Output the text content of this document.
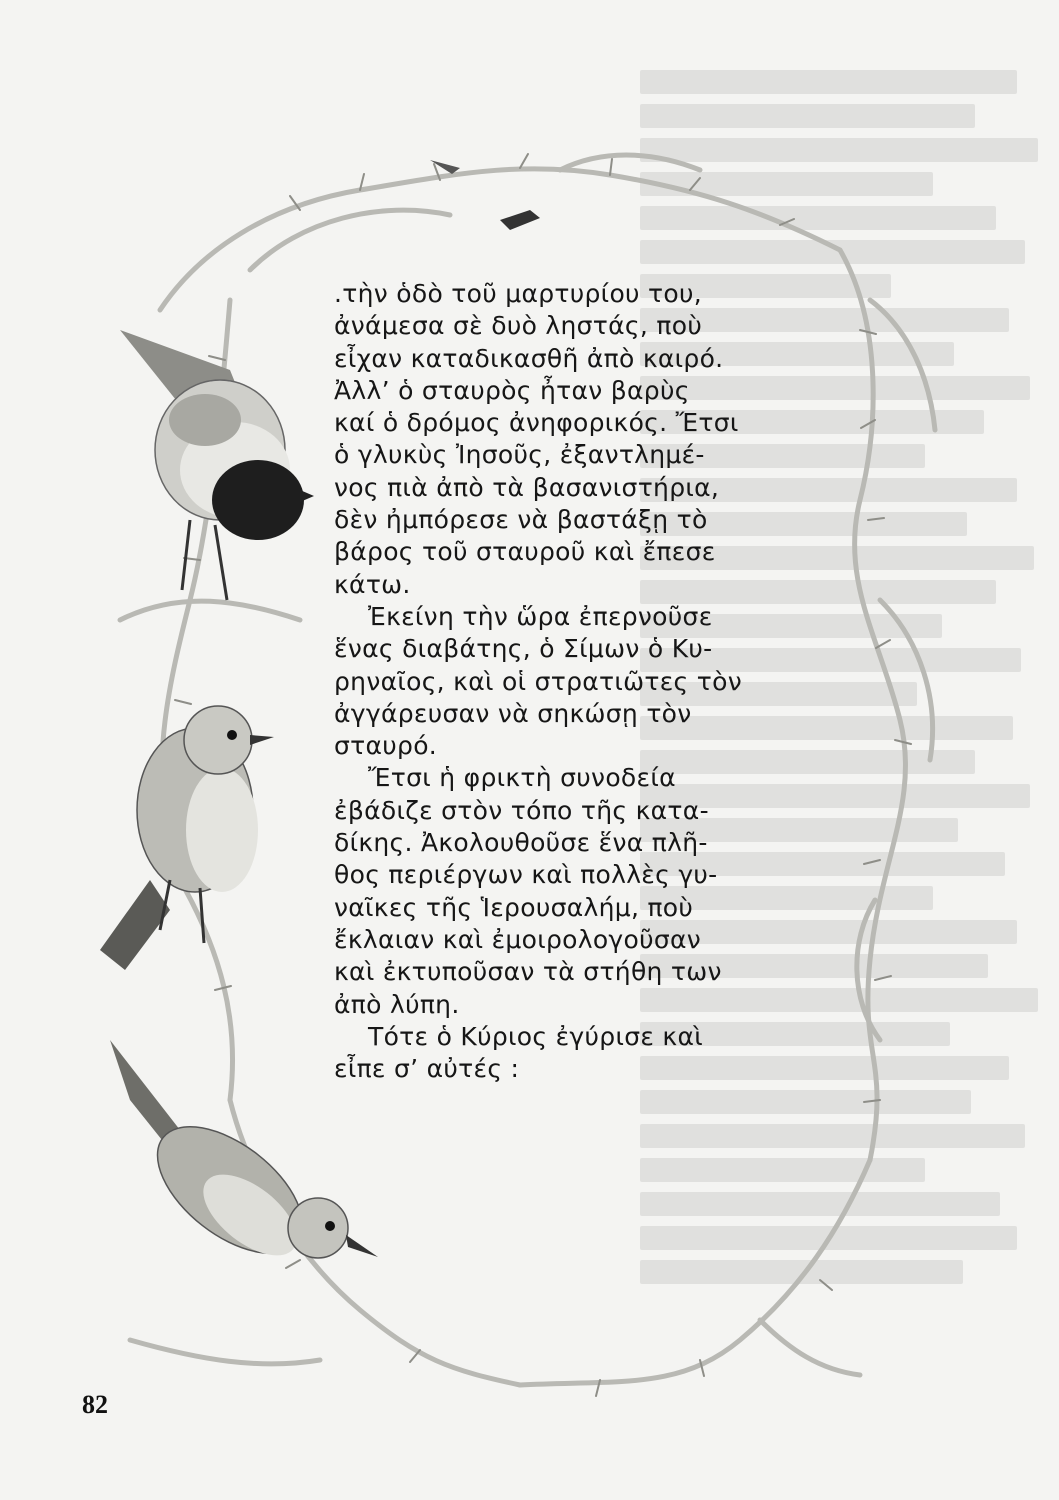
.τὴν ὁδὸ τοῦ μαρτυρίου του,
ἀνάμεσα σὲ δυὸ ληστάς, ποὺ
εἶχαν καταδικασθῆ ἀπὸ καιρό.
Ἀλλ’ ὁ σταυρὸς ἦταν βαρὺς
καί ὁ δρόμος ἀνηφορικός. Ἔτσι
ὁ γλυκὺς Ἰησοῦς, ἐξαντλημέ-
νος πιὰ ἀπὸ τὰ βασανιστήρια,
δὲν ἠμπόρεσε νὰ βαστάξῃ τὸ
βάρος τοῦ σταυροῦ καὶ ἔπεσε
κάτω.

Ἐκείνη τὴν ὥρα ἐπερνοῦσε
ἕνας διαβάτης, ὁ Σίμων ὁ Κυ-
ρηναῖος, καὶ οἱ στρατιῶτες τὸν
ἀγγάρευσαν νὰ σηκώσῃ τὸν
σταυρό.

Ἔτσι ἡ φρικτὴ συνοδεία
ἐβάδιζε στὸν τόπο τῆς κατα-
δίκης. Ἀκολουθοῦσε ἕνα πλῆ-
θος περιέργων καὶ πολλὲς γυ-
ναῖκες τῆς Ἱερουσαλήμ, ποὺ
ἔκλαιαν καὶ ἐμοιρολογοῦσαν
καὶ ἐκτυποῦσαν τὰ στήθη των
ἀπὸ λύπη.

Τότε ὁ Κύριος ἐγύρισε καὶ
εἶπε σ’ αὐτές :

82
